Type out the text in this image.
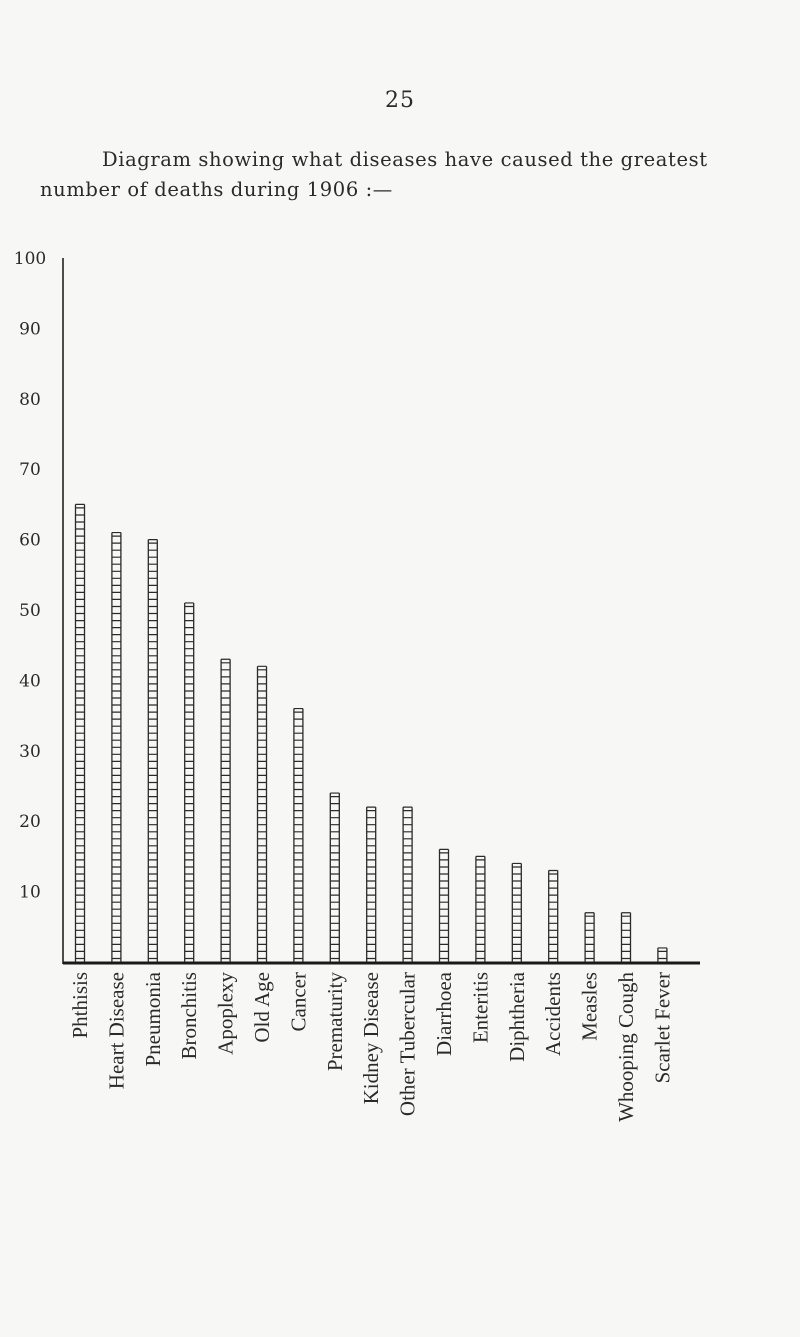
25
Diagram showing what diseases have caused the greatest
number of deaths during 1906 :—
100
90
80
70
60
50
40
30
20
10
Phthisis Heart Disease Pneumonia Bronchitis Apoplexy Old Age Cancer Prematurity Kidney Disease Other Tubercular Diarrhoea Enteritis Diphtheria Accidents Measles Whooping Cough Scarlet Fever
